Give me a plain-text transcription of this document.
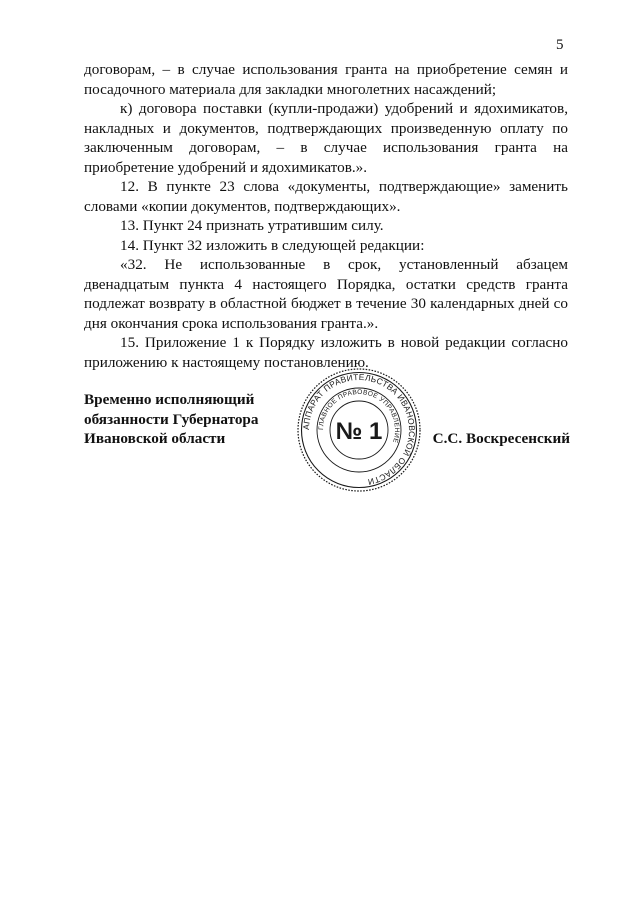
5

договорам, – в случае использования гранта на приобретение семян и посадочного материала для закладки многолетних насаждений;

к) договора поставки (купли-продажи) удобрений и ядохимикатов, накладных и документов, подтверждающих произведенную оплату по заключенным договорам, – в случае использования гранта на приобретение удобрений и ядохимикатов.».

12. В пункте 23 слова «документы, подтверждающие» заменить словами «копии документов, подтверждающих».

13. Пункт 24 признать утратившим силу.

14. Пункт 32 изложить в следующей редакции:

«32. Не использованные в срок, установленный абзацем двенадцатым пункта 4 настоящего Порядка, остатки средств гранта подлежат возврату в областной бюджет в течение 30 календарных дней со дня окончания срока использования гранта.».

15. Приложение 1 к Порядку изложить в новой редакции согласно приложению к настоящему постановлению.

Временно исполняющий
обязанности Губернатора
Ивановской области
АППАРАТ ПРАВИТЕЛЬСТВА ИВАНОВСКОЙ ОБЛАСТИ
ГЛАВНОЕ ПРАВОВОЕ УПРАВЛЕНИЕ
№ 1	С.С. Воскресенский
